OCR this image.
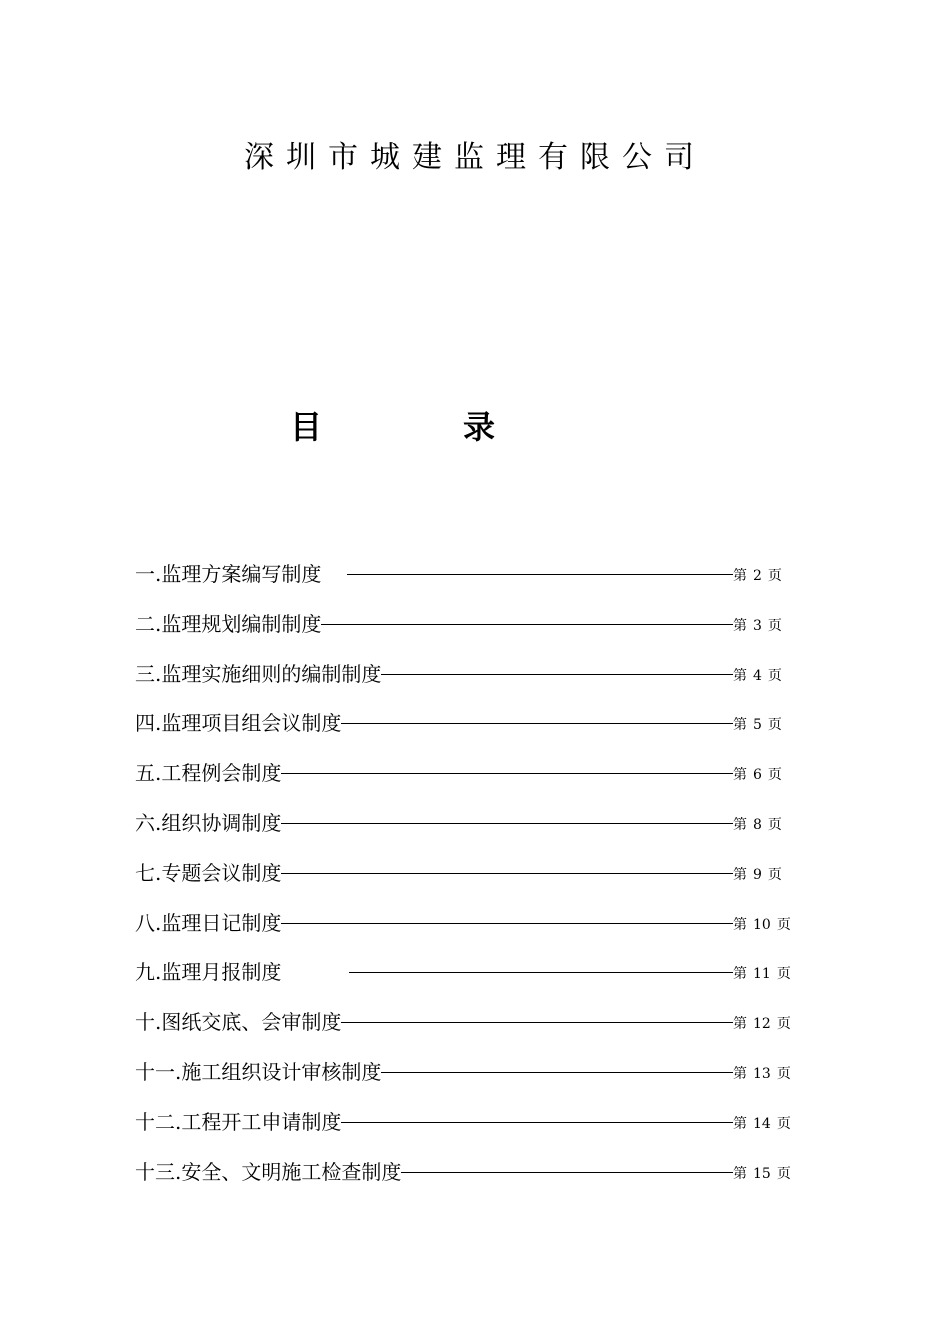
深圳市城建监理有限公司
目	录
一. 监理方案编写制度	第 2 页
二. 监理规划编制制度	第 3 页
三. 监理实施细则的编制制度	第 4 页
四. 监理项目组会议制度	第 5 页
五. 工程例会制度	第 6 页
六. 组织协调制度	第 8 页
七. 专题会议制度	第 9 页
八. 监理日记制度	第 10 页
九. 监理月报制度	第 11 页
十. 图纸交底、会审制度	第 12 页
十一. 施工组织设计审核制度	第 13 页
十二. 工程开工申请制度	第 14 页
十三. 安全、文明施工检查制度	第 15 页
